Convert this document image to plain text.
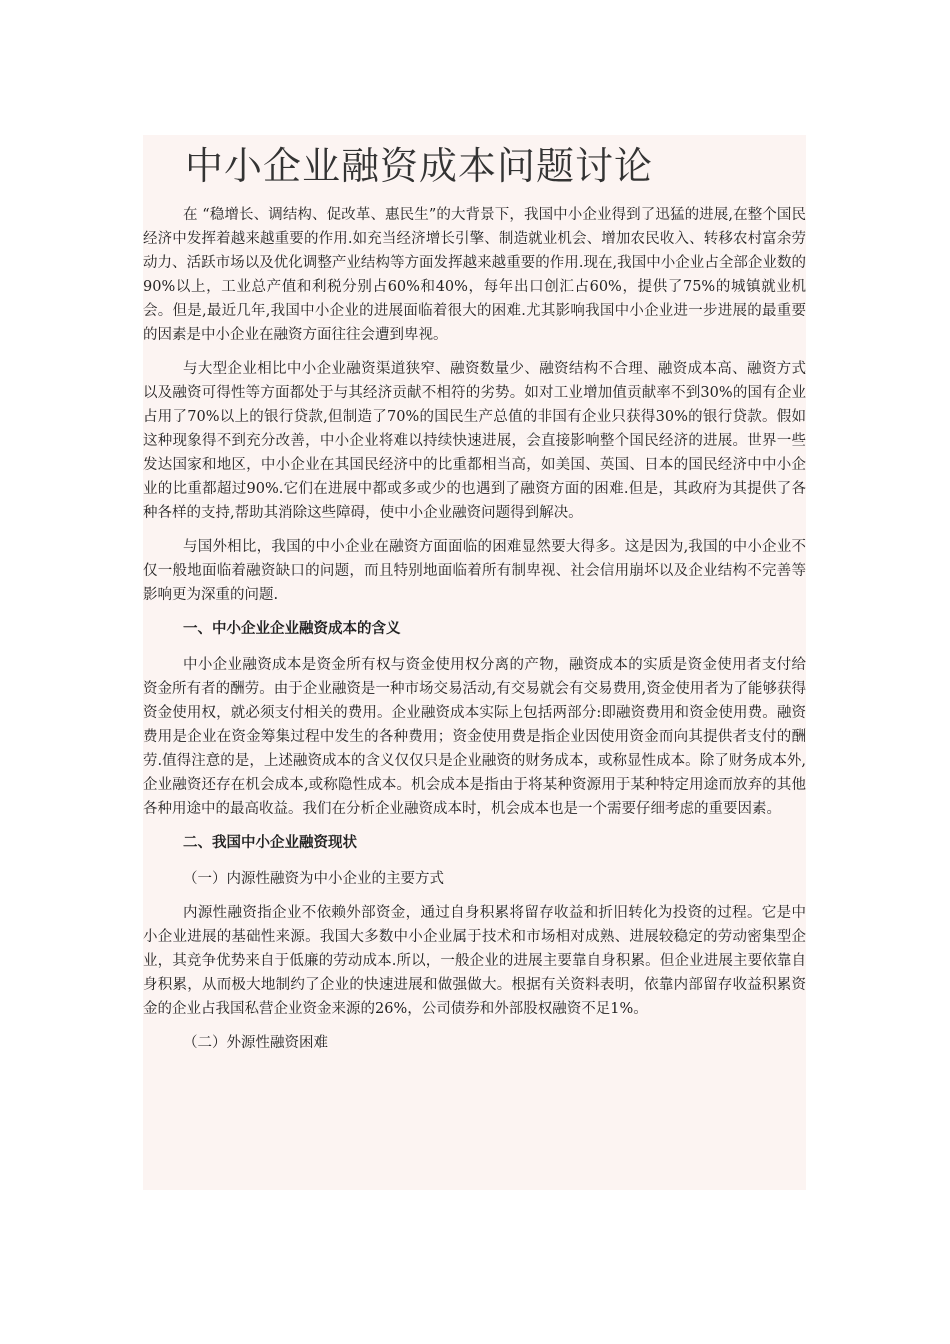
中小企业融资成本问题讨论

在 “稳增长、调结构、促改革、惠民生”的大背景下，我国中小企业得到了迅猛的进展,在整个国民经济中发挥着越来越重要的作用.如充当经济增长引擎、制造就业机会、增加农民收入、转移农村富余劳动力、活跃市场以及优化调整产业结构等方面发挥越来越重要的作用.现在,我国中小企业占全部企业数的90%以上，工业总产值和利税分别占60%和40%，每年出口创汇占60%，提供了75%的城镇就业机会。但是,最近几年,我国中小企业的进展面临着很大的困难.尤其影响我国中小企业进一步进展的最重要的因素是中小企业在融资方面往往会遭到卑视。

与大型企业相比中小企业融资渠道狭窄、融资数量少、融资结构不合理、融资成本高、融资方式以及融资可得性等方面都处于与其经济贡献不相符的劣势。如对工业增加值贡献率不到30%的国有企业占用了70%以上的银行贷款,但制造了70%的国民生产总值的非国有企业只获得30%的银行贷款。假如这种现象得不到充分改善，中小企业将难以持续快速进展，会直接影响整个国民经济的进展。世界一些发达国家和地区，中小企业在其国民经济中的比重都相当高，如美国、英国、日本的国民经济中中小企业的比重都超过90%.它们在进展中都或多或少的也遇到了融资方面的困难.但是，其政府为其提供了各种各样的支持,帮助其消除这些障碍，使中小企业融资问题得到解决。

与国外相比，我国的中小企业在融资方面面临的困难显然要大得多。这是因为,我国的中小企业不仅一般地面临着融资缺口的问题，而且特别地面临着所有制卑视、社会信用崩坏以及企业结构不完善等影响更为深重的问题.

一、中小企业企业融资成本的含义

中小企业融资成本是资金所有权与资金使用权分离的产物，融资成本的实质是资金使用者支付给资金所有者的酬劳。由于企业融资是一种市场交易活动,有交易就会有交易费用,资金使用者为了能够获得资金使用权，就必须支付相关的费用。企业融资成本实际上包括两部分:即融资费用和资金使用费。融资费用是企业在资金筹集过程中发生的各种费用；资金使用费是指企业因使用资金而向其提供者支付的酬劳.值得注意的是，上述融资成本的含义仅仅只是企业融资的财务成本，或称显性成本。除了财务成本外,企业融资还存在机会成本,或称隐性成本。机会成本是指由于将某种资源用于某种特定用途而放弃的其他各种用途中的最高收益。我们在分析企业融资成本时，机会成本也是一个需要仔细考虑的重要因素。

二、我国中小企业融资现状
（一）内源性融资为中小企业的主要方式

内源性融资指企业不依赖外部资金，通过自身积累将留存收益和折旧转化为投资的过程。它是中小企业进展的基础性来源。我国大多数中小企业属于技术和市场相对成熟、进展较稳定的劳动密集型企业，其竞争优势来自于低廉的劳动成本.所以，一般企业的进展主要靠自身积累。但企业进展主要依靠自身积累，从而极大地制约了企业的快速进展和做强做大。根据有关资料表明，依靠内部留存收益积累资金的企业占我国私营企业资金来源的26%，公司债券和外部股权融资不足1%。

（二）外源性融资困难
